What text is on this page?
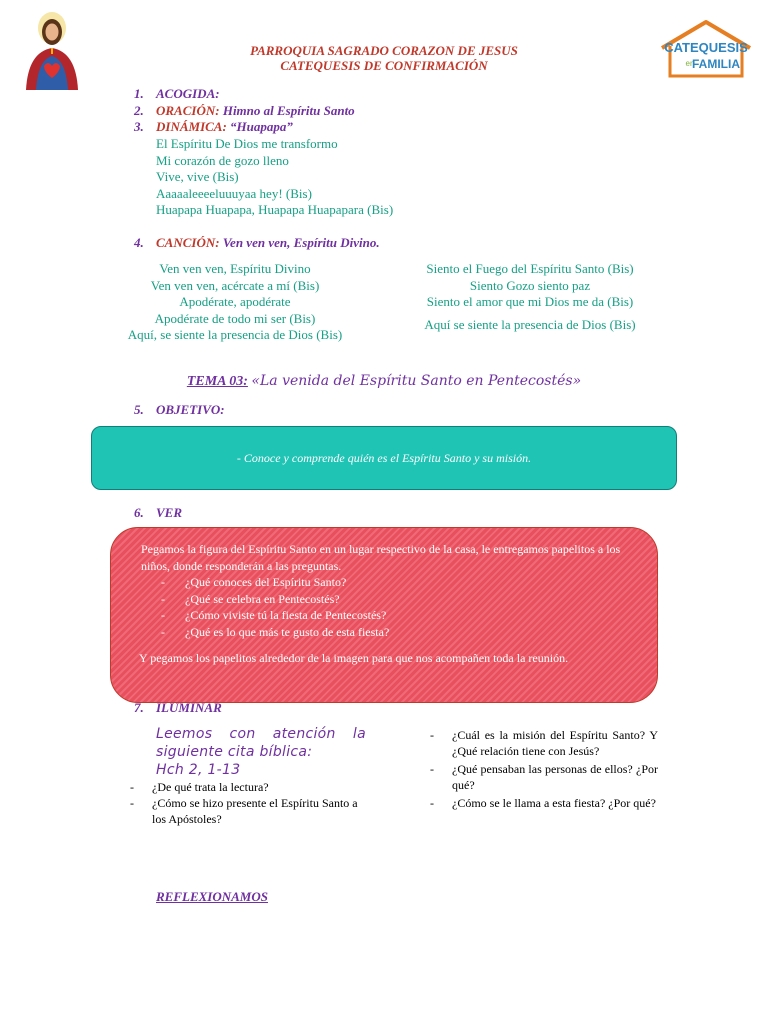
CATEQUESIS
en
FAMILIA
PARROQUIA SAGRADO CORAZON DE JESUS
CATEQUESIS DE CONFIRMACIÓN
1. ACOGIDA:
2. ORACIÓN: Himno al Espíritu Santo
3. DINÁMICA: “Huapapa”
El Espíritu De Dios me transformo
Mi corazón de gozo lleno
Vive, vive (Bis)
Aaaaaleeeeluuuyaa hey! (Bis)
Huapapa Huapapa, Huapapa Huapapara (Bis)
4. CANCIÓN: Ven ven ven, Espíritu Divino.
Ven ven ven, Espíritu Divino
Ven ven ven, acércate a mí (Bis)
Apodérate, apodérate
Apodérate de todo mi ser (Bis)
Aquí, se siente la presencia de Dios (Bis)
Siento el Fuego del Espíritu Santo (Bis)
Siento Gozo siento paz
Siento el amor que mi Dios me da (Bis)
Aquí se siente la presencia de Dios (Bis)
TEMA 03: «La venida del Espíritu Santo en Pentecostés»
5. OBJETIVO:
- Conoce y comprende quién es el Espíritu Santo y su misión.
6. VER
Pegamos la figura del Espíritu Santo en un lugar respectivo de la casa, le entregamos papelitos a los niños, donde responderán a las preguntas.
- ¿Qué conoces del Espíritu Santo?
- ¿Qué se celebra en Pentecostés?
- ¿Cómo viviste tú la fiesta de Pentecostés?
- ¿Qué es lo que más te gusto de esta fiesta?
Y pegamos los papelitos alrededor de la imagen para que nos acompañen toda la reunión.
7. ILUMINAR
Leemos con atención la
siguiente cita bíblica:
Hch 2, 1-13
- ¿De qué trata la lectura?
- ¿Cómo se hizo presente el Espíritu Santo a los Apóstoles?
- ¿Cuál es la misión del Espíritu Santo? Y ¿Qué relación tiene con Jesús?
- ¿Qué pensaban las personas de ellos? ¿Por qué?
- ¿Cómo se le llama a esta fiesta? ¿Por qué?
REFLEXIONAMOS
